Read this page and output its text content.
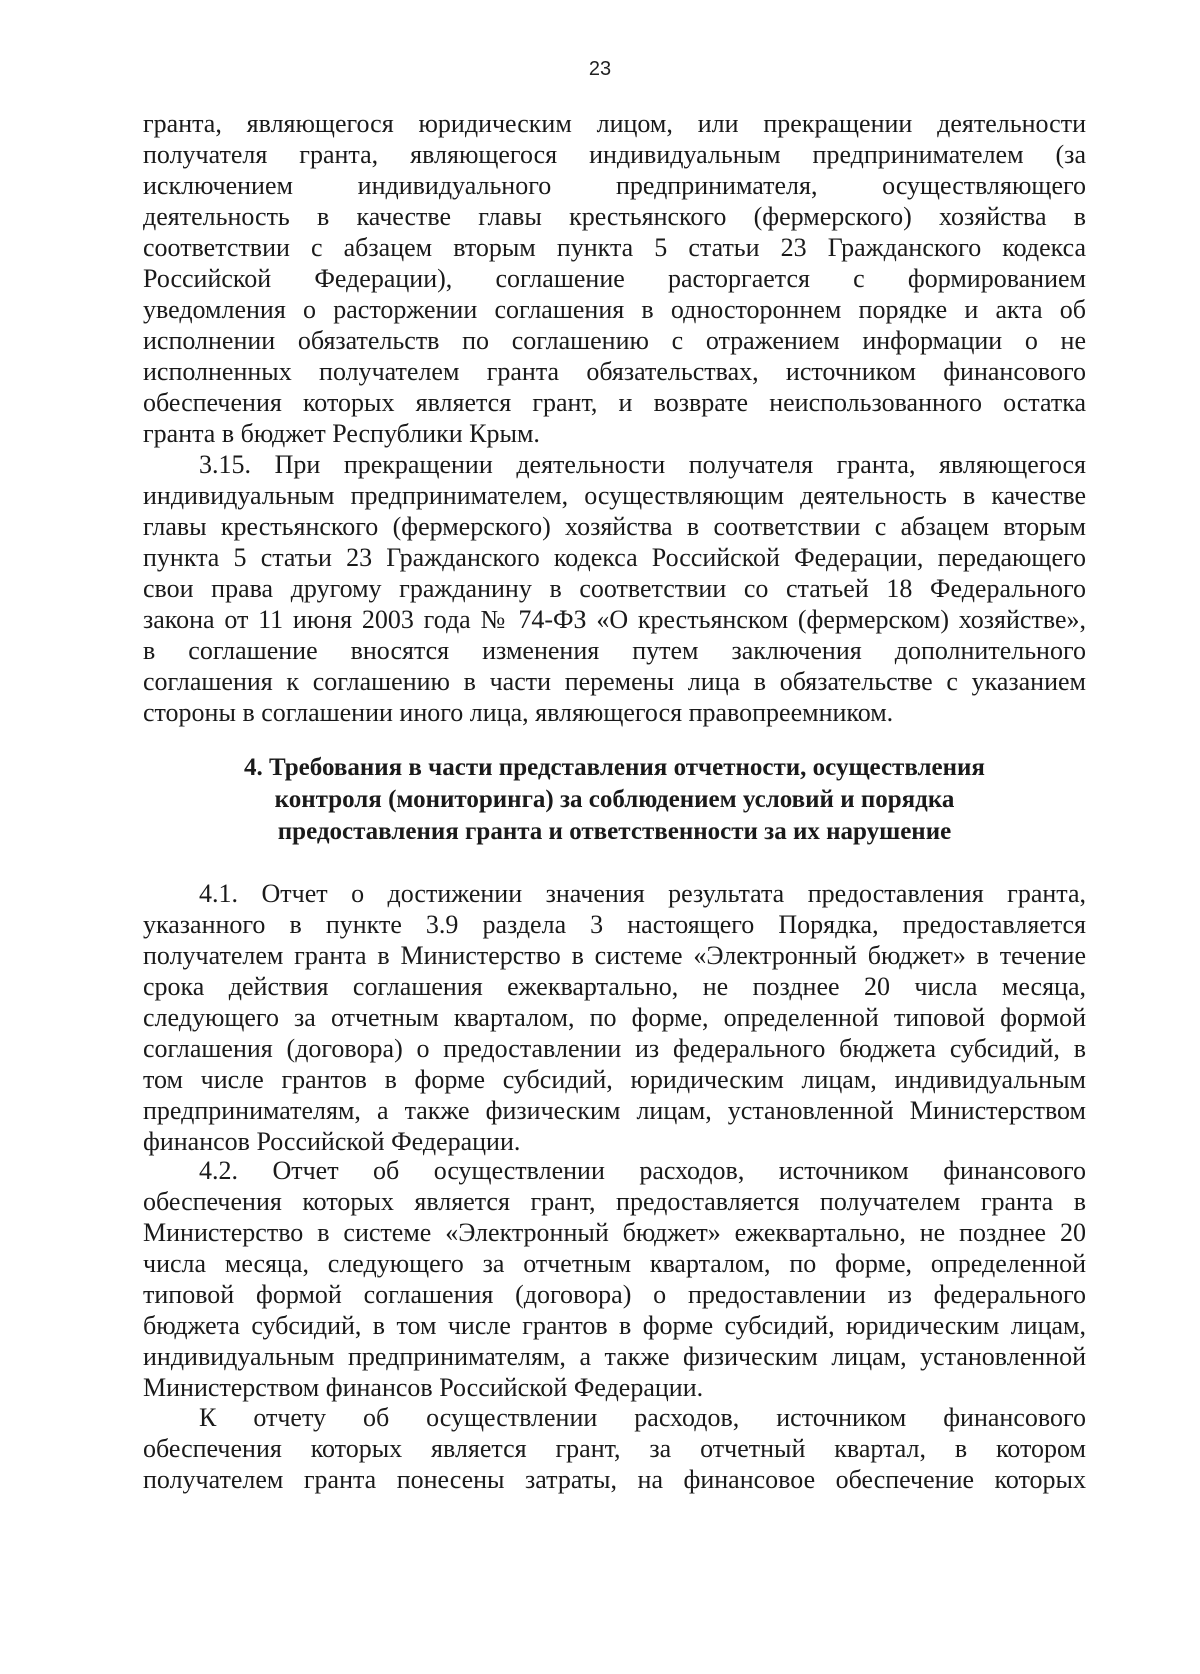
23
гранта, являющегося юридическим лицом, или прекращении деятельности
получателя гранта, являющегося индивидуальным предпринимателем (за
исключением индивидуального предпринимателя, осуществляющего
деятельность в качестве главы крестьянского (фермерского) хозяйства в
соответствии с абзацем вторым пункта 5 статьи 23 Гражданского кодекса
Российской Федерации), соглашение расторгается с формированием
уведомления о расторжении соглашения в одностороннем порядке и акта об
исполнении обязательств по соглашению с отражением информации о не
исполненных получателем гранта обязательствах, источником финансового
обеспечения которых является грант, и возврате неиспользованного остатка
гранта в бюджет Республики Крым.
3.15. При прекращении деятельности получателя гранта, являющегося
индивидуальным предпринимателем, осуществляющим деятельность в качестве
главы крестьянского (фермерского) хозяйства в соответствии с абзацем вторым
пункта 5 статьи 23 Гражданского кодекса Российской Федерации, передающего
свои права другому гражданину в соответствии со статьей 18 Федерального
закона от 11 июня 2003 года № 74-ФЗ «О крестьянском (фермерском) хозяйстве»,
в соглашение вносятся изменения путем заключения дополнительного
соглашения к соглашению в части перемены лица в обязательстве с указанием
стороны в соглашении иного лица, являющегося правопреемником.
4. Требования в части представления отчетности, осуществления
контроля (мониторинга) за соблюдением условий и порядка
предоставления гранта и ответственности за их нарушение
4.1. Отчет о достижении значения результата предоставления гранта,
указанного в пункте 3.9 раздела 3 настоящего Порядка, предоставляется
получателем гранта в Министерство в системе «Электронный бюджет» в течение
срока действия соглашения ежеквартально, не позднее 20 числа месяца,
следующего за отчетным кварталом, по форме, определенной типовой формой
соглашения (договора) о предоставлении из федерального бюджета субсидий, в
том числе грантов в форме субсидий, юридическим лицам, индивидуальным
предпринимателям, а также физическим лицам, установленной Министерством
финансов Российской Федерации.
4.2. Отчет об осуществлении расходов, источником финансового
обеспечения которых является грант, предоставляется получателем гранта в
Министерство в системе «Электронный бюджет» ежеквартально, не позднее 20
числа месяца, следующего за отчетным кварталом, по форме, определенной
типовой формой соглашения (договора) о предоставлении из федерального
бюджета субсидий, в том числе грантов в форме субсидий, юридическим лицам,
индивидуальным предпринимателям, а также физическим лицам, установленной
Министерством финансов Российской Федерации.
К отчету об осуществлении расходов, источником финансового
обеспечения которых является грант, за отчетный квартал, в котором
получателем гранта понесены затраты, на финансовое обеспечение которых
